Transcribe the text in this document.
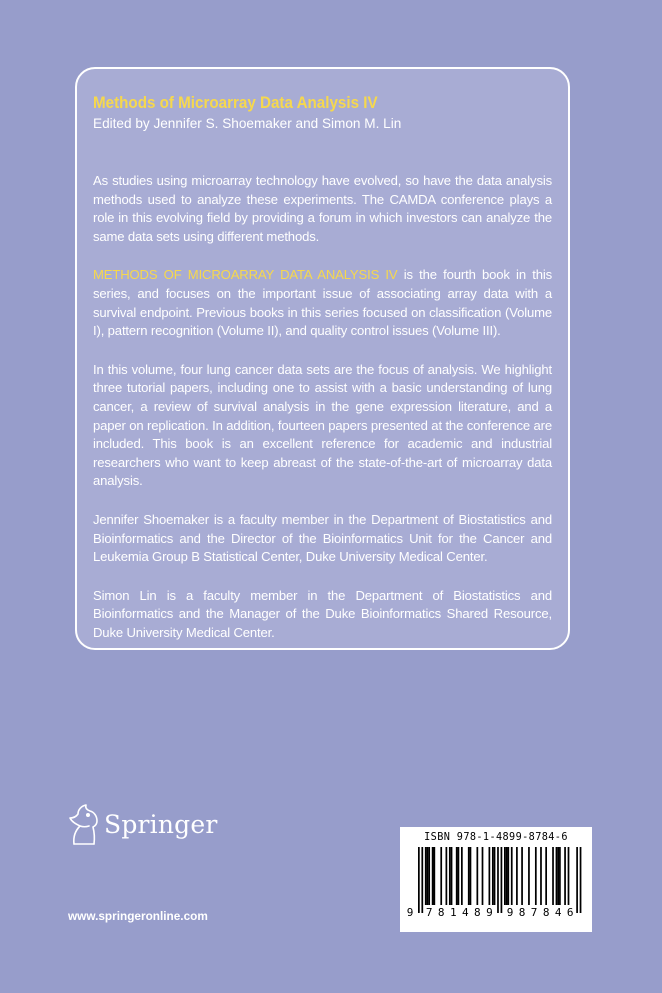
Methods of Microarray Data Analysis IV

Edited by Jennifer S. Shoemaker and Simon M. Lin

As studies using microarray technology have evolved, so have the data analysis methods used to analyze these experiments. The CAMDA conference plays a role in this evolving field by providing a forum in which investors can analyze the same data sets using different methods.

METHODS OF MICROARRAY DATA ANALYSIS IV is the fourth book in this series, and focuses on the important issue of associating array data with a survival endpoint. Previous books in this series focused on classification (Volume I), pattern recognition (Volume II), and quality control issues (Volume III).

In this volume, four lung cancer data sets are the focus of analysis. We highlight three tutorial papers, including one to assist with a basic understanding of lung cancer, a review of survival analysis in the gene expression literature, and a paper on replication. In addition, fourteen papers presented at the conference are included. This book is an excellent reference for academic and industrial researchers who want to keep abreast of the state-of-the-art of microarray data analysis.

Jennifer Shoemaker is a faculty member in the Department of Biostatistics and Bioinformatics and the Director of the Bioinformatics Unit for the Cancer and Leukemia Group B Statistical Center, Duke University Medical Center.

Simon Lin is a faculty member in the Department of Biostatistics and Bioinformatics and the Manager of the Duke Bioinformatics Shared Resource, Duke University Medical Center.

Springer
www.springeronline.com
ISBN 978-1-4899-8784-6
9 7 8 1 4 8 9 9 8 7 8 4 6
